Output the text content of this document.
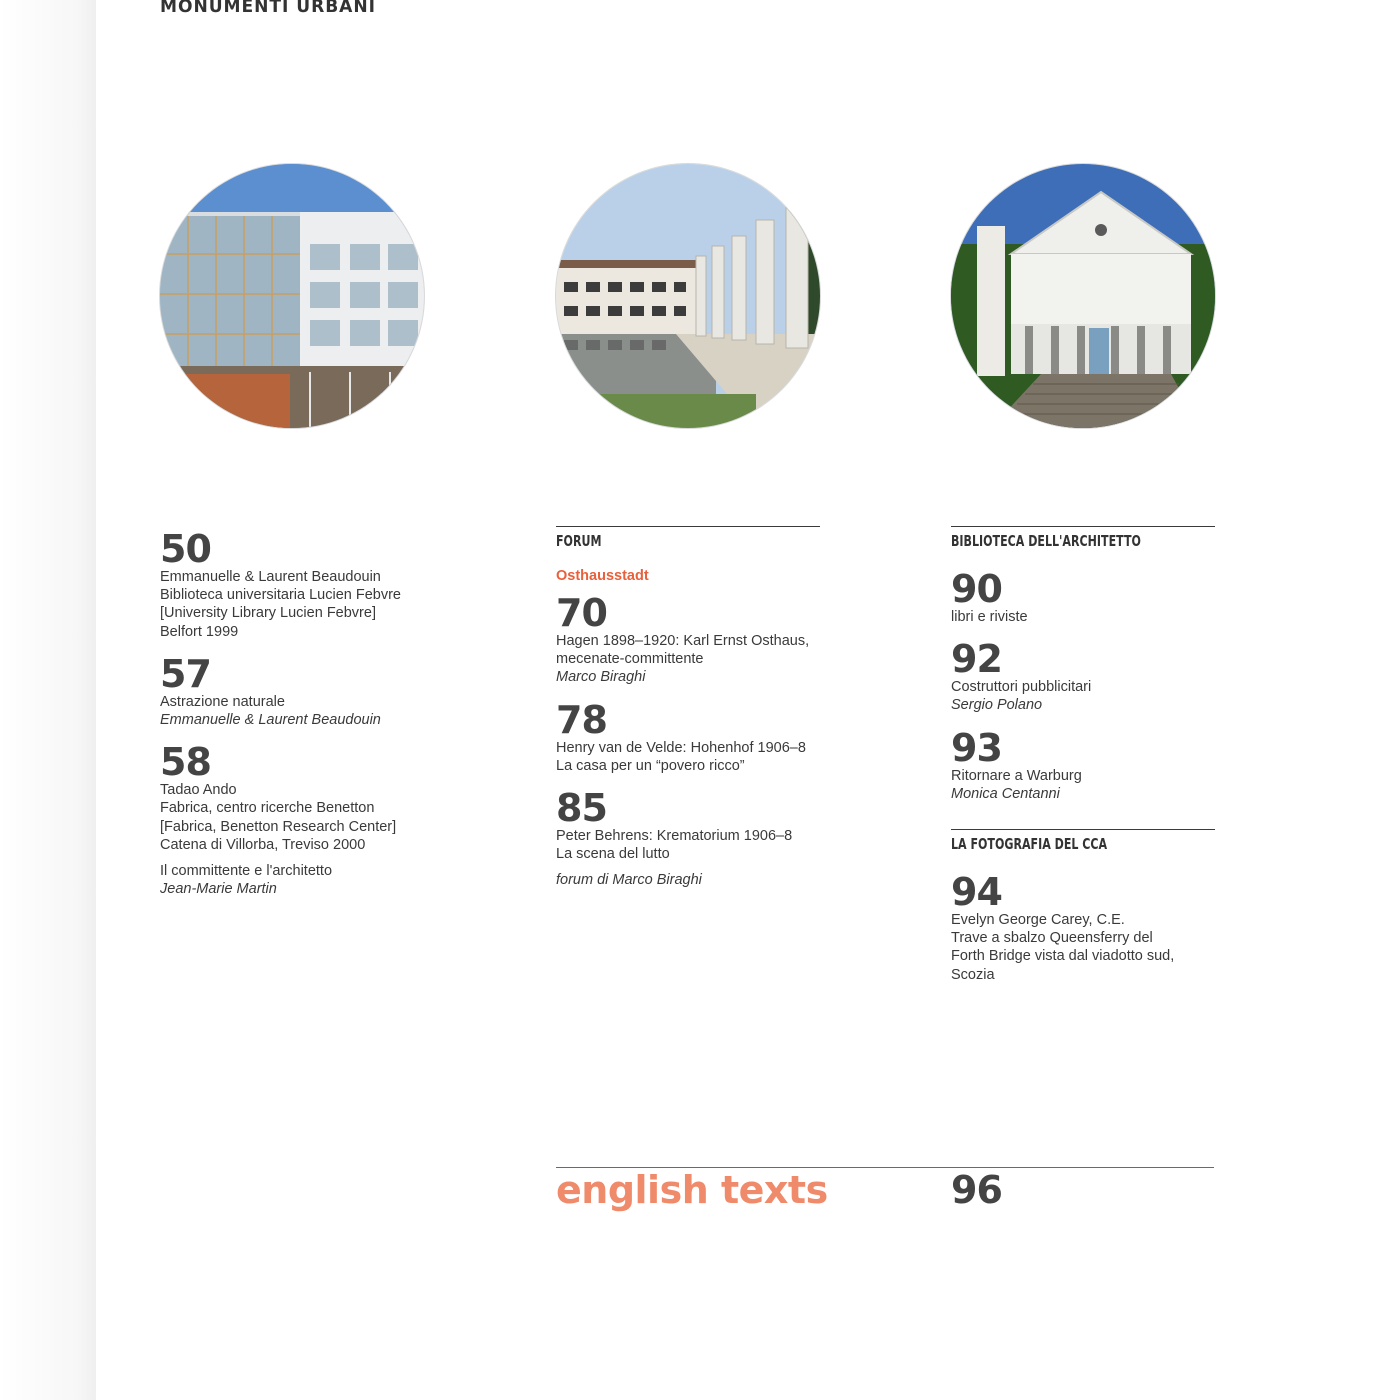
MONUMENTI URBANI
50
Emmanuelle & Laurent Beaudouin
Biblioteca universitaria Lucien Febvre
[University Library Lucien Febvre]
Belfort 1999
57
Astrazione naturale
Emmanuelle & Laurent Beaudouin
58
Tadao Ando
Fabrica, centro ricerche Benetton
[Fabrica, Benetton Research Center]
Catena di Villorba, Treviso 2000
Il committente e l'architetto
Jean-Marie Martin
FORUM
Osthausstadt
70
Hagen 1898–1920: Karl Ernst Osthaus,
mecenate-committente
Marco Biraghi
78
Henry van de Velde: Hohenhof 1906–8
La casa per un “povero ricco”
85
Peter Behrens: Krematorium 1906–8
La scena del lutto
forum di Marco Biraghi
BIBLIOTECA DELL'ARCHITETTO
90
libri e riviste
92
Costruttori pubblicitari
Sergio Polano
93
Ritornare a Warburg
Monica Centanni
LA FOTOGRAFIA DEL CCA
94
Evelyn George Carey, C.E.
Trave a sbalzo Queensferry del
Forth Bridge vista dal viadotto sud,
Scozia
english texts	96
